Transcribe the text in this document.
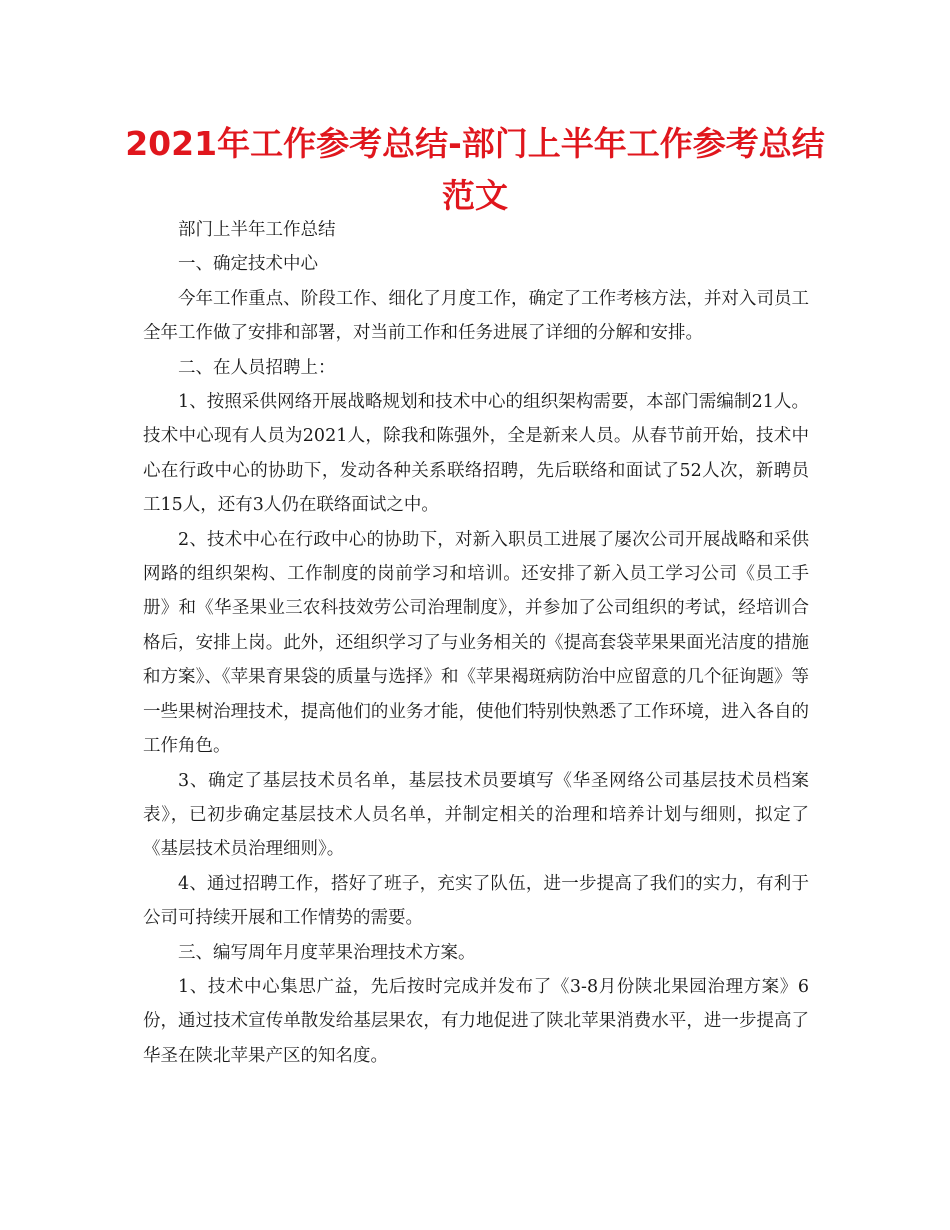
2021年工作参考总结-部门上半年工作参考总结范文

部门上半年工作总结

一、确定技术中心

今年工作重点、阶段工作、细化了月度工作，确定了工作考核方法，并对入司员工全年工作做了安排和部署，对当前工作和任务进展了详细的分解和安排。

二、在人员招聘上：

1、按照采供网络开展战略规划和技术中心的组织架构需要，本部门需编制21人。技术中心现有人员为2021人，除我和陈强外，全是新来人员。从春节前开始，技术中心在行政中心的协助下，发动各种关系联络招聘，先后联络和面试了52人次，新聘员工15人，还有3人仍在联络面试之中。

2、技术中心在行政中心的协助下，对新入职员工进展了屡次公司开展战略和采供网路的组织架构、工作制度的岗前学习和培训。还安排了新入员工学习公司《员工手册》和《华圣果业三农科技效劳公司治理制度》，并参加了公司组织的考试，经培训合格后，安排上岗。此外，还组织学习了与业务相关的《提高套袋苹果果面光洁度的措施和方案》、《苹果育果袋的质量与选择》和《苹果褐斑病防治中应留意的几个征询题》等一些果树治理技术，提高他们的业务才能，使他们特别快熟悉了工作环境，进入各自的工作角色。

3、确定了基层技术员名单，基层技术员要填写《华圣网络公司基层技术员档案表》，已初步确定基层技术人员名单，并制定相关的治理和培养计划与细则，拟定了《基层技术员治理细则》。

4、通过招聘工作，搭好了班子，充实了队伍，进一步提高了我们的实力，有利于公司可持续开展和工作情势的需要。

三、编写周年月度苹果治理技术方案。

1、技术中心集思广益，先后按时完成并发布了《3-8月份陕北果园治理方案》6份，通过技术宣传单散发给基层果农，有力地促进了陕北苹果消费水平，进一步提高了华圣在陕北苹果产区的知名度。
